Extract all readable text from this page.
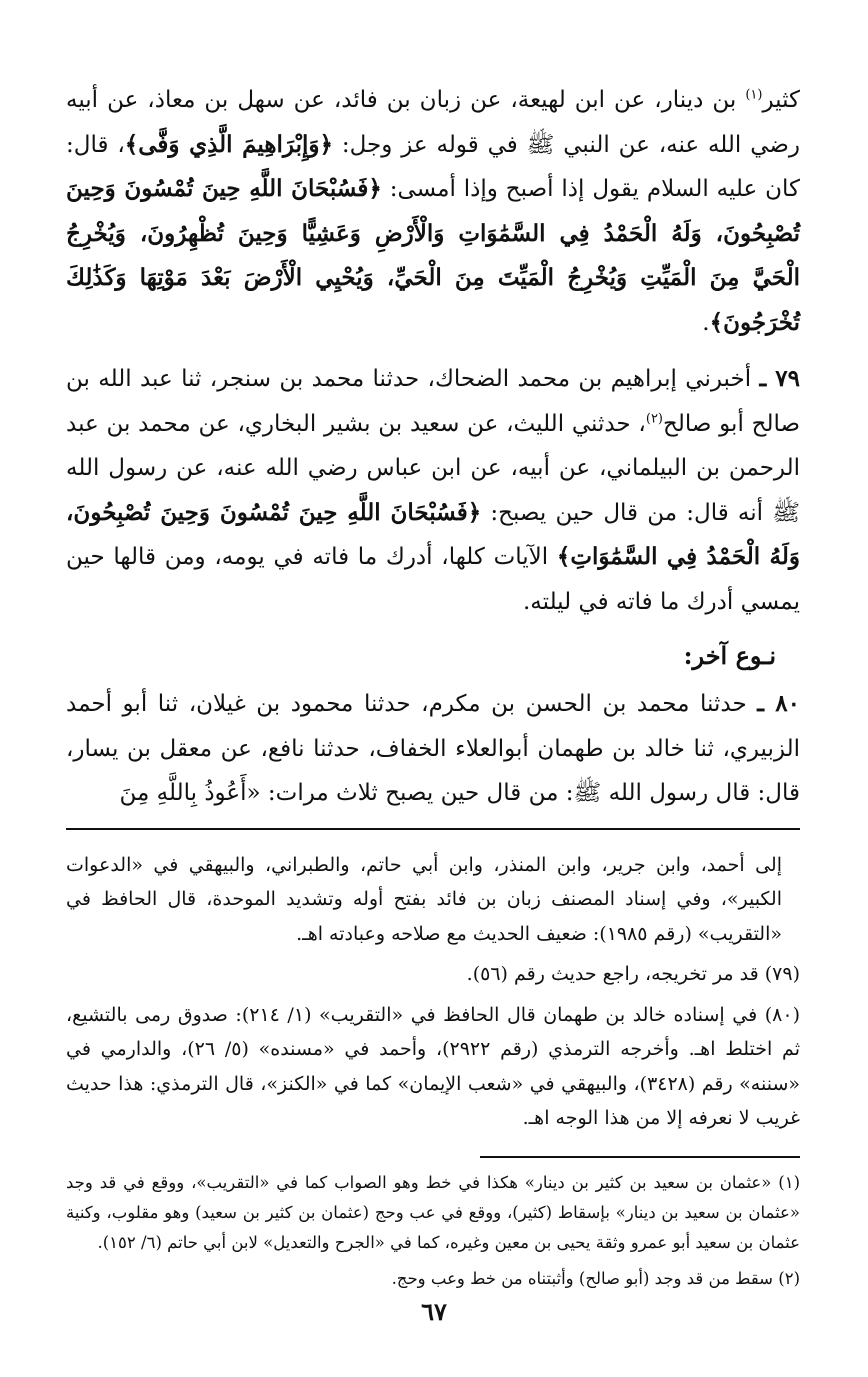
كثير$^{(١)}$ بن دينار، عن ابن لهيعة، عن زبان بن فائد، عن سهل بن معاذ، عن أبيه رضي الله عنه، عن النبي ﷺ في قوله عز وجل: ﴿وَإِبْرَاهِيمَ الَّذِي وَفَّى﴾، قال: كان عليه السلام يقول إذا أصبح وإذا أمسى: ﴿فَسُبْحَانَ اللَّهِ حِينَ تُمْسُونَ وَحِينَ تُصْبِحُونَ، وَلَهُ الْحَمْدُ فِي السَّمَٰوَاتِ وَالْأَرْضِ وَعَشِيًّا وَحِينَ تُظْهِرُونَ، وَيُخْرِجُ الْحَيَّ مِنَ الْمَيِّتِ وَيُخْرِجُ الْمَيِّتَ مِنَ الْحَيِّ، وَيُحْيِي الْأَرْضَ بَعْدَ مَوْتِهَا وَكَذَٰلِكَ تُخْرَجُونَ﴾.

٧٩ ـ أخبرني إبراهيم بن محمد الضحاك، حدثنا محمد بن سنجر، ثنا عبد الله بن صالح أبو صالح$^{(٢)}$، حدثني الليث، عن سعيد بن بشير البخاري، عن محمد بن عبد الرحمن بن البيلماني، عن أبيه، عن ابن عباس رضي الله عنه، عن رسول الله ﷺ أنه قال: من قال حين يصبح: ﴿فَسُبْحَانَ اللَّهِ حِينَ تُمْسُونَ وَحِينَ تُصْبِحُونَ، وَلَهُ الْحَمْدُ فِي السَّمَٰوَاتِ﴾ الآيات كلها، أدرك ما فاته في يومه، ومن قالها حين يمسي أدرك ما فاته في ليلته.

نـوع آخر:

٨٠ ـ حدثنا محمد بن الحسن بن مكرم، حدثنا محمود بن غيلان، ثنا أبو أحمد الزبيري، ثنا خالد بن طهمان أبوالعلاء الخفاف، حدثنا نافع، عن معقل بن يسار، قال: قال رسول الله ﷺ: من قال حين يصبح ثلاث مرات: «أَعُوذُ بِاللَّهِ مِنَ

إلى أحمد، وابن جرير، وابن المنذر، وابن أبي حاتم، والطبراني، والبيهقي في «الدعوات الكبير»، وفي إسناد المصنف زبان بن فائد بفتح أوله وتشديد الموحدة، قال الحافظ في «التقريب» (رقم ١٩٨٥): ضعيف الحديث مع صلاحه وعبادته اهـ.

(٧٩) قد مر تخريجه، راجع حديث رقم (٥٦).

(٨٠) في إسناده خالد بن طهمان قال الحافظ في «التقريب» (١/ ٢١٤): صدوق رمى بالتشيع، ثم اختلط اهـ. وأخرجه الترمذي (رقم ٢٩٢٢)، وأحمد في «مسنده» (٥/ ٢٦)، والدارمي في «سننه» رقم (٣٤٢٨)، والبيهقي في «شعب الإيمان» كما في «الكنز»، قال الترمذي: هذا حديث غريب لا نعرفه إلا من هذا الوجه اهـ.

(١) «عثمان بن سعيد بن كثير بن دينار» هكذا في خط وهو الصواب كما في «التقريب»، ووقع في قد وجد «عثمان بن سعيد بن دينار» بإسقاط (كثير)، ووقع في عب وحج (عثمان بن كثير بن سعيد) وهو مقلوب، وكنية عثمان بن سعيد أبو عمرو وثقة يحيى بن معين وغيره، كما في «الجرح والتعديل» لابن أبي حاتم (٦/ ١٥٢).

(٢) سقط من قد وجد (أبو صالح) وأثبتناه من خط وعب وحج.

٦٧
